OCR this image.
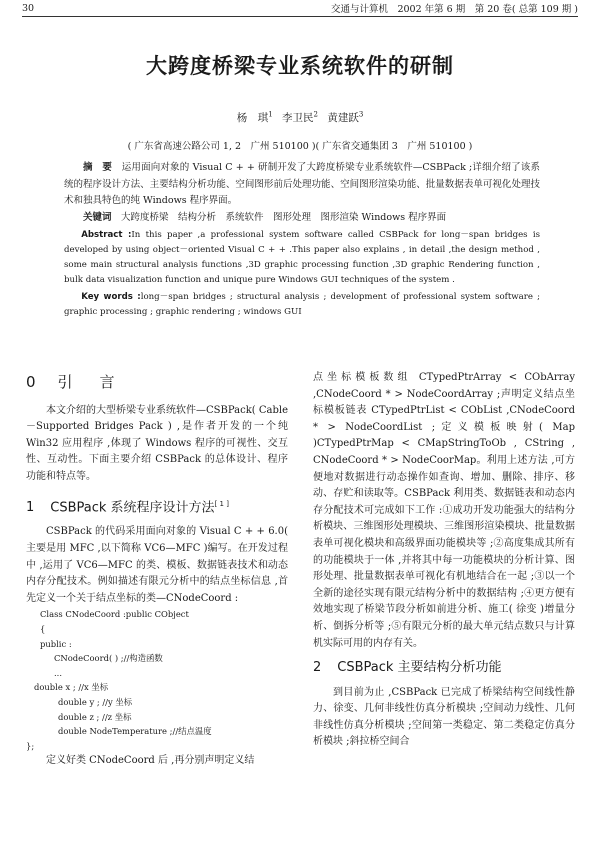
30	交通与计算机　2002 年第 6 期　第 20 卷( 总第 109 期 )
大跨度桥梁专业系统软件的研制
杨　琪$^1$ 李卫民$^2$ 黄建跃$^3$
( 广东省高速公路公司 1, 2　广州 510100 )( 广东省交通集团 3　广州 510100 )

摘　要　 运用面向对象的 Visual C + + 研制开发了大跨度桥梁专业系统软件—CSBPack ;详细介绍了该系统的程序设计方法、主要结构分析功能、空间图形前后处理功能、空间图形渲染功能、批量数据表单可视化处理技术和独具特色的纯 Windows 程序界面。

关键词　 大跨度桥梁　结构分析　系统软件　图形处理　图形渲染 Windows 程序界面

Abstract :In this paper ,a professional system software called CSBPack for long－span bridges is developed by using object－oriented Visual C + + .This paper also explains , in detail ,the design method , some main structural analysis functions ,3D graphic processing function ,3D graphic Rendering function , bulk data visualization function and unique pure Windows GUI techniques of the system .

Key words :long－span bridges ; structural analysis ; development of professional system software ; graphic processing ; graphic rendering ; windows GUI

0 引　言

本文介绍的大型桥梁专业系统软件—CSBPack( Cable－Supported Bridges Pack ) ,是作者开发的一个纯 Win32 应用程序 ,体现了 Windows 程序的可视性、交互性、互动性。下面主要介绍 CSBPack 的总体设计、程序功能和特点等。

1 CSBPack 系统程序设计方法[ 1 ]

CSBPack 的代码采用面向对象的 Visual C + + 6.0( 主要是用 MFC ,以下简称 VC6—MFC )编写。在开发过程中 ,运用了 VC6—MFC 的类、模板、数据链表技术和动态内存分配技术。例如描述有限元分析中的结点坐标信息 ,首先定义一个关于结点坐标的类—CNodeCoord :

Class CNodeCoord :public CObject
{
public :
CNodeCoord( ) ;//构造函数
...
double x ; //x 坐标
double y ; //y 坐标
double z ; //z 坐标
double NodeTemperature ;//结点温度
};

定义好类 CNodeCoord 后 ,再分别声明定义结

点坐标模板数组 CTypedPtrArray < CObArray ,CNodeCoord * > NodeCoordArray ;声明定义结点坐标模板链表 CTypedPtrList < CObList ,CNodeCoord * > NodeCoordList ;定义模板映射( Map )CTypedPtrMap < CMapStringToOb , CString , CNodeCoord * > NodeCoorMap。利用上述方法 ,可方便地对数据进行动态操作如查询、增加、删除、排序、移动、存贮和读取等。CSBPack 利用类、数据链表和动态内存分配技术可完成如下工作 :①成功开发功能强大的结构分析模块、三维图形处理模块、三维图形渲染模块、批量数据表单可视化模块和高级界面功能模块等 ;②高度集成其所有的功能模块于一体 ,并将其中每一功能模块的分析计算、图形处理、批量数据表单可视化有机地结合在一起 ;③以一个全新的途径实现有限元结构分析中的数据结构 ;④更方便有效地实现了桥梁节段分析如前进分析、施工( 徐变 )增量分析、倒拆分析等 ;⑤有限元分析的最大单元结点数只与计算机实际可用的内存有关。

2 CSBPack 主要结构分析功能

到目前为止 ,CSBPack 已完成了桥梁结构空间线性静力、徐变、几何非线性仿真分析模块 ;空间动力线性、几何非线性仿真分析模块 ;空间第一类稳定、第二类稳定仿真分析模块 ;斜拉桥空间合
